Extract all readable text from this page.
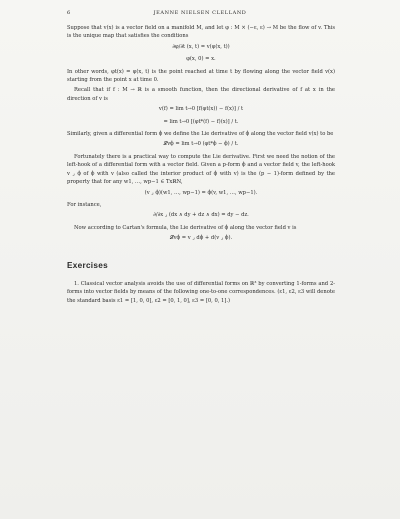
6	JEANNE NIELSEN CLELLAND

Suppose that v(x) is a vector field on a manifold M, and let φ : M × (−ε, ε) → M be the flow of v. This is the unique map that satisfies the conditions

∂φ/∂t (x, t) = v(φ(x, t))
φ(x, 0) = x.

In other words, φt(x) = φ(x, t) is the point reached at time t by flowing along the vector field v(x) starting from the point x at time 0.

Recall that if f : M → ℝ is a smooth function, then the directional derivative of f at x in the direction of v is

v(f) = lim t→0 [f(φt(x)) − f(x)] / t
= lim t→0 [(φt*(f) − f)(x)] / t.

Similarly, given a differential form ϕ we define the Lie derivative of ϕ along the vector field v(x) to be

𝓛vϕ = lim t→0 (φt*ϕ − ϕ) / t.

Fortunately there is a practical way to compute the Lie derivative. First we need the notion of the left-hook of a differential form with a vector field. Given a p-form ϕ and a vector field v, the left-hook v ⌟ ϕ of ϕ with v (also called the interior product of ϕ with v) is the (p − 1)-form defined by the property that for any w1, …, wp−1 ∈ TxℝN,

(v ⌟ ϕ)(w1, …, wp−1) = ϕ(v, w1, …, wp−1).

For instance,

∂/∂x ⌟ (dx ∧ dy + dz ∧ dx) = dy − dz.

Now according to Cartan's formula, the Lie derivative of ϕ along the vector field v is

𝓛vϕ = v ⌟ dϕ + d(v ⌟ ϕ).
Exercises

1. Classical vector analysis avoids the use of differential forms on ℝ³ by converting 1-forms and 2-forms into vector fields by means of the following one-to-one correspondences. (ε1, ε2, ε3 will denote the standard basis ε1 = [1, 0, 0], ε2 = [0, 1, 0], ε3 = [0, 0, 1].)
